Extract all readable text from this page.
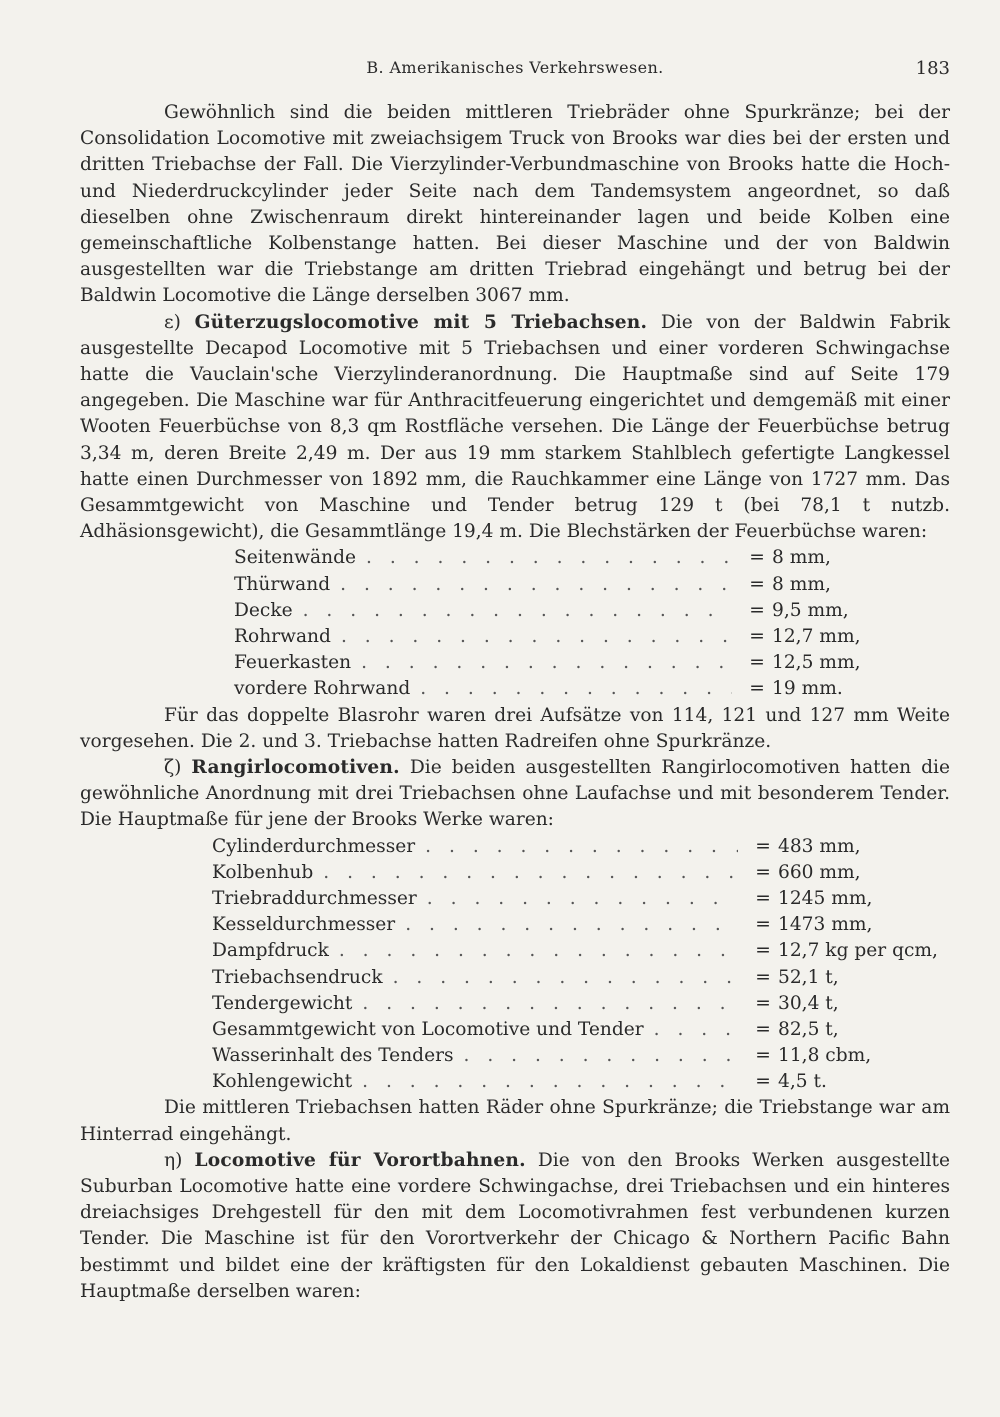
B. Amerikanisches Verkehrswesen.	183

Gewöhnlich sind die beiden mittleren Triebräder ohne Spurkränze; bei der Consolidation Locomotive mit zweiachsigem Truck von Brooks war dies bei der ersten und dritten Triebachse der Fall. Die Vierzylinder-Verbundmaschine von Brooks hatte die Hoch- und Niederdruckcylinder jeder Seite nach dem Tandemsystem angeordnet, so daß dieselben ohne Zwischenraum direkt hintereinander lagen und beide Kolben eine gemeinschaftliche Kolbenstange hatten. Bei dieser Maschine und der von Baldwin ausgestellten war die Triebstange am dritten Triebrad eingehängt und betrug bei der Baldwin Locomotive die Länge derselben 3067 mm.

ε) Güterzugslocomotive mit 5 Triebachsen. Die von der Baldwin Fabrik ausgestellte Decapod Locomotive mit 5 Triebachsen und einer vorderen Schwingachse hatte die Vauclain'sche Vierzylinderanordnung. Die Hauptmaße sind auf Seite 179 angegeben. Die Maschine war für Anthracitfeuerung eingerichtet und demgemäß mit einer Wooten Feuerbüchse von 8,3 qm Rostfläche versehen. Die Länge der Feuerbüchse betrug 3,34 m, deren Breite 2,49 m. Der aus 19 mm starkem Stahlblech gefertigte Langkessel hatte einen Durchmesser von 1892 mm, die Rauchkammer eine Länge von 1727 mm. Das Gesammtgewicht von Maschine und Tender betrug 129 t (bei 78,1 t nutzb. Adhäsionsgewicht), die Gesammtlänge 19,4 m. Die Blechstärken der Feuerbüchse waren:

Seitenwände . . .	= 8 mm,
Thürwand . . .	= 8 mm,
Decke . . .	= 9,5 mm,
Rohrwand . . .	= 12,7 mm,
Feuerkasten . . .	= 12,5 mm,
vordere Rohrwand . . .	= 19 mm.

Für das doppelte Blasrohr waren drei Aufsätze von 114, 121 und 127 mm Weite vorgesehen. Die 2. und 3. Triebachse hatten Radreifen ohne Spurkränze.

ζ) Rangirlocomotiven. Die beiden ausgestellten Rangirlocomotiven hatten die gewöhnliche Anordnung mit drei Triebachsen ohne Laufachse und mit besonderem Tender. Die Hauptmaße für jene der Brooks Werke waren:

Cylinderdurchmesser . . .	= 483 mm,
Kolbenhub . . .	= 660 mm,
Triebraddurchmesser . . .	= 1245 mm,
Kesseldurchmesser . . .	= 1473 mm,
Dampfdruck . . .	= 12,7 kg per qcm,
Triebachsendruck . . .	= 52,1 t,
Tendergewicht . . .	= 30,4 t,
Gesammtgewicht von Locomotive und Tender . . .	= 82,5 t,
Wasserinhalt des Tenders . . .	= 11,8 cbm,
Kohlengewicht . . .	= 4,5 t.

Die mittleren Triebachsen hatten Räder ohne Spurkränze; die Triebstange war am Hinterrad eingehängt.

η) Locomotive für Vorortbahnen. Die von den Brooks Werken ausgestellte Suburban Locomotive hatte eine vordere Schwingachse, drei Triebachsen und ein hinteres dreiachsiges Drehgestell für den mit dem Locomotivrahmen fest verbundenen kurzen Tender. Die Maschine ist für den Vorortverkehr der Chicago & Northern Pacific Bahn bestimmt und bildet eine der kräftigsten für den Lokaldienst gebauten Maschinen. Die Hauptmaße derselben waren:
